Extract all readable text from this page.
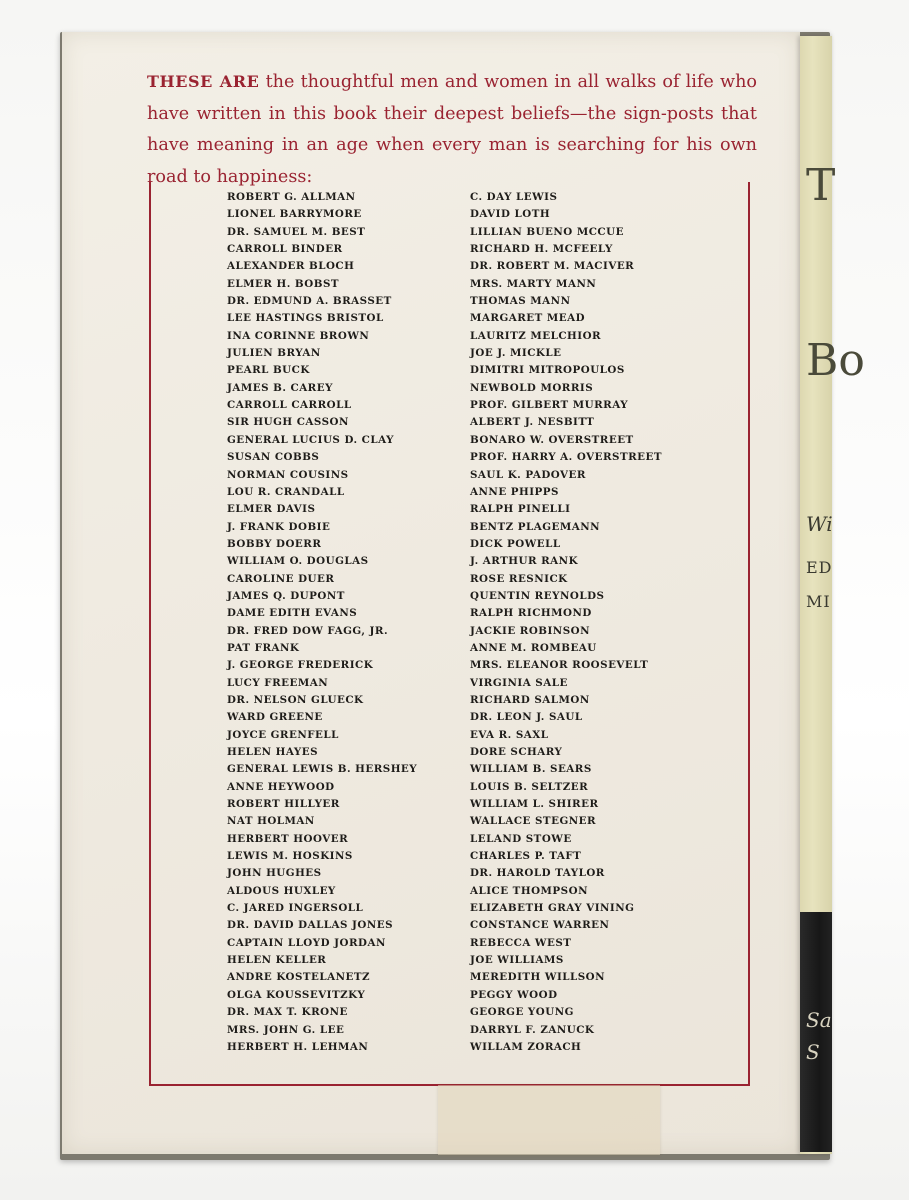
T
Bo
Wi
ED
MI
Sa
S

THESE ARE the thoughtful men and women in all walks of life who have written in this book their deepest beliefs—the sign-posts that have meaning in an age when every man is searching for his own road to happiness:

ROBERT G. ALLMAN
LIONEL BARRYMORE
DR. SAMUEL M. BEST
CARROLL BINDER
ALEXANDER BLOCH
ELMER H. BOBST
DR. EDMUND A. BRASSET
LEE HASTINGS BRISTOL
INA CORINNE BROWN
JULIEN BRYAN
PEARL BUCK
JAMES B. CAREY
CARROLL CARROLL
SIR HUGH CASSON
GENERAL LUCIUS D. CLAY
SUSAN COBBS
NORMAN COUSINS
LOU R. CRANDALL
ELMER DAVIS
J. FRANK DOBIE
BOBBY DOERR
WILLIAM O. DOUGLAS
CAROLINE DUER
JAMES Q. DUPONT
DAME EDITH EVANS
DR. FRED DOW FAGG, JR.
PAT FRANK
J. GEORGE FREDERICK
LUCY FREEMAN
DR. NELSON GLUECK
WARD GREENE
JOYCE GRENFELL
HELEN HAYES
GENERAL LEWIS B. HERSHEY
ANNE HEYWOOD
ROBERT HILLYER
NAT HOLMAN
HERBERT HOOVER
LEWIS M. HOSKINS
JOHN HUGHES
ALDOUS HUXLEY
C. JARED INGERSOLL
DR. DAVID DALLAS JONES
CAPTAIN LLOYD JORDAN
HELEN KELLER
ANDRE KOSTELANETZ
OLGA KOUSSEVITZKY
DR. MAX T. KRONE
MRS. JOHN G. LEE
HERBERT H. LEHMAN
C. DAY LEWIS
DAVID LOTH
LILLIAN BUENO MCCUE
RICHARD H. MCFEELY
DR. ROBERT M. MACIVER
MRS. MARTY MANN
THOMAS MANN
MARGARET MEAD
LAURITZ MELCHIOR
JOE J. MICKLE
DIMITRI MITROPOULOS
NEWBOLD MORRIS
PROF. GILBERT MURRAY
ALBERT J. NESBITT
BONARO W. OVERSTREET
PROF. HARRY A. OVERSTREET
SAUL K. PADOVER
ANNE PHIPPS
RALPH PINELLI
BENTZ PLAGEMANN
DICK POWELL
J. ARTHUR RANK
ROSE RESNICK
QUENTIN REYNOLDS
RALPH RICHMOND
JACKIE ROBINSON
ANNE M. ROMBEAU
MRS. ELEANOR ROOSEVELT
VIRGINIA SALE
RICHARD SALMON
DR. LEON J. SAUL
EVA R. SAXL
DORE SCHARY
WILLIAM B. SEARS
LOUIS B. SELTZER
WILLIAM L. SHIRER
WALLACE STEGNER
LELAND STOWE
CHARLES P. TAFT
DR. HAROLD TAYLOR
ALICE THOMPSON
ELIZABETH GRAY VINING
CONSTANCE WARREN
REBECCA WEST
JOE WILLIAMS
MEREDITH WILLSON
PEGGY WOOD
GEORGE YOUNG
DARRYL F. ZANUCK
WILLAM ZORACH
